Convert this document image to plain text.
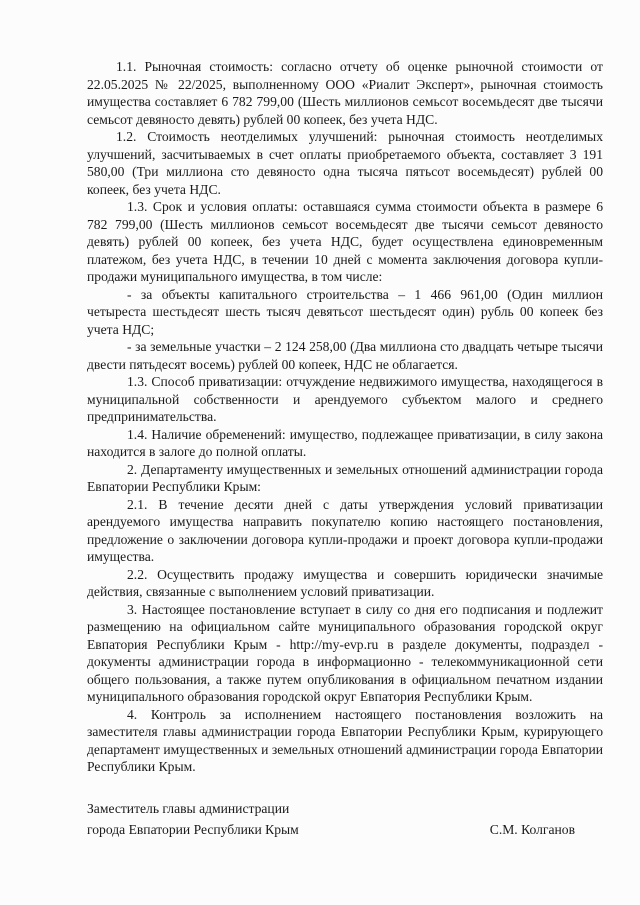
1.1. Рыночная стоимость: согласно отчету об оценке рыночной стоимости от 22.05.2025 № 22/2025, выполненному ООО «Риалит Эксперт», рыночная стоимость имущества составляет 6 782 799,00 (Шесть миллионов семьсот восемьдесят две тысячи семьсот девяносто девять) рублей 00 копеек, без учета НДС.

1.2. Стоимость неотделимых улучшений: рыночная стоимость неотделимых улучшений, засчитываемых в счет оплаты приобретаемого объекта, составляет 3 191 580,00 (Три миллиона сто девяносто одна тысяча пятьсот восемьдесят) рублей 00 копеек, без учета НДС.

1.3. Срок и условия оплаты: оставшаяся сумма стоимости объекта в размере 6 782 799,00 (Шесть миллионов семьсот восемьдесят две тысячи семьсот девяносто девять) рублей 00 копеек, без учета НДС, будет осуществлена единовременным платежом, без учета НДС, в течении 10 дней с момента заключения договора купли-продажи муниципального имущества, в том числе:

- за объекты капитального строительства – 1 466 961,00 (Один миллион четыреста шестьдесят шесть тысяч девятьсот шестьдесят один) рубль 00 копеек без учета НДС;

- за земельные участки – 2 124 258,00 (Два миллиона сто двадцать четыре тысячи двести пятьдесят восемь) рублей 00 копеек, НДС не облагается.

1.3. Способ приватизации: отчуждение недвижимого имущества, находящегося в муниципальной собственности и арендуемого субъектом малого и среднего предпринимательства.

1.4. Наличие обременений: имущество, подлежащее приватизации, в силу закона находится в залоге до полной оплаты.

2. Департаменту имущественных и земельных отношений администрации города Евпатории Республики Крым:

2.1. В течение десяти дней с даты утверждения условий приватизации арендуемого имущества направить покупателю копию настоящего постановления, предложение о заключении договора купли-продажи и проект договора купли-продажи имущества.

2.2. Осуществить продажу имущества и совершить юридически значимые действия, связанные с выполнением условий приватизации.

3. Настоящее постановление вступает в силу со дня его подписания и подлежит размещению на официальном сайте муниципального образования городской округ Евпатория Республики Крым - http://my-evp.ru в разделе документы, подраздел - документы администрации города в информационно - телекоммуникационной сети общего пользования, а также путем опубликования в официальном печатном издании муниципального образования городской округ Евпатория Республики Крым.

4. Контроль за исполнением настоящего постановления возложить на заместителя главы администрации города Евпатории Республики Крым, курирующего департамент имущественных и земельных отношений администрации города Евпатории Республики Крым.

Заместитель главы администрации
города Евпатории Республики Крым	С.М. Колганов
